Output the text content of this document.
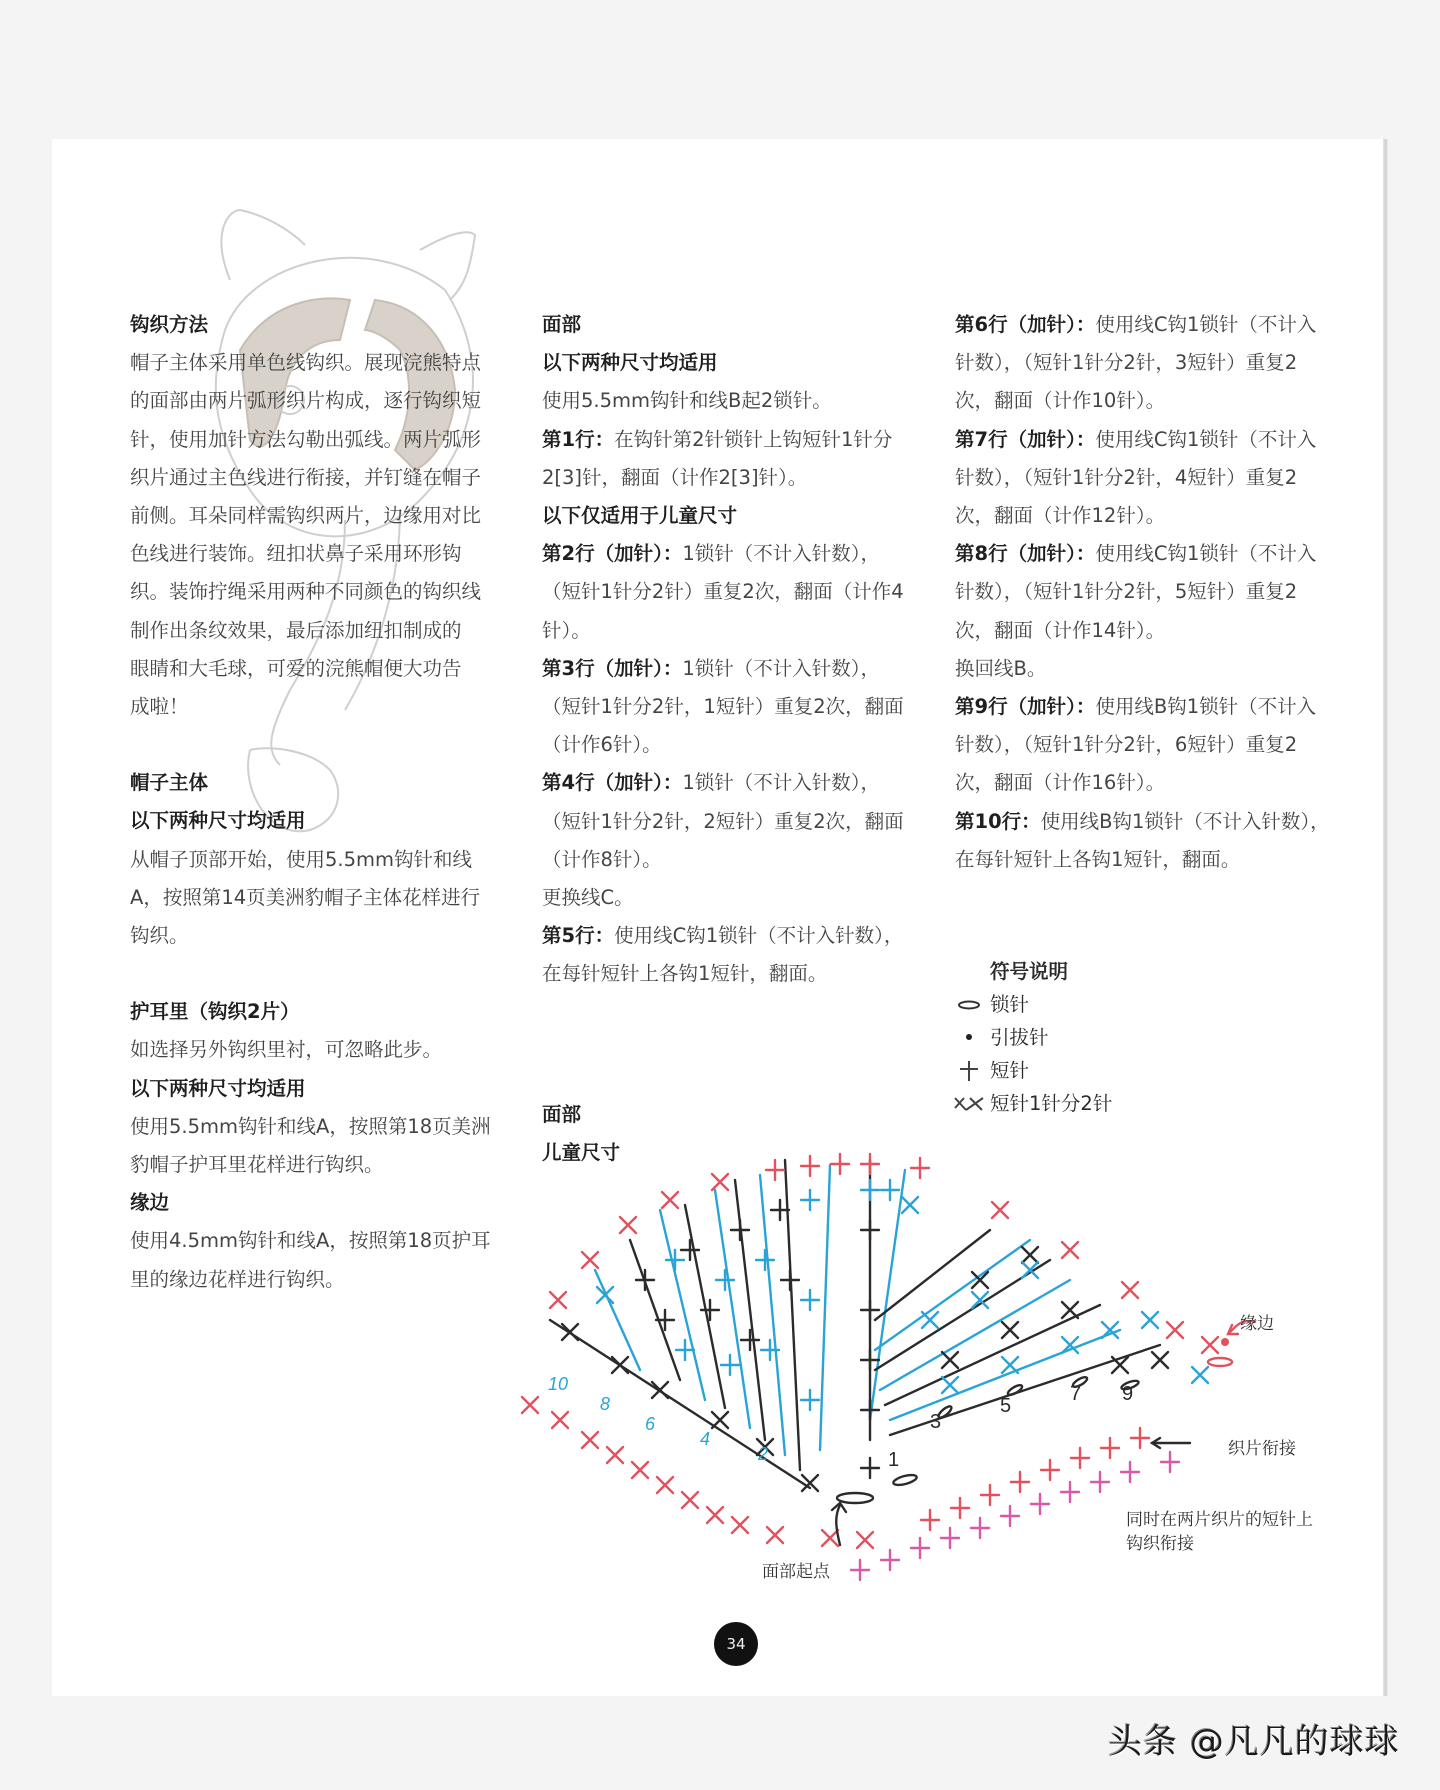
钩织方法
帽子主体采用单色线钩织。展现浣熊特点
的面部由两片弧形织片构成，逐行钩织短
针，使用加针方法勾勒出弧线。两片弧形
织片通过主色线进行衔接，并钉缝在帽子
前侧。耳朵同样需钩织两片，边缘用对比
色线进行装饰。纽扣状鼻子采用环形钩
织。装饰拧绳采用两种不同颜色的钩织线
制作出条纹效果，最后添加纽扣制成的
眼睛和大毛球，可爱的浣熊帽便大功告
成啦！
帽子主体
以下两种尺寸均适用
从帽子顶部开始，使用5.5mm钩针和线
A，按照第14页美洲豹帽子主体花样进行
钩织。
护耳里（钩织2片）
如选择另外钩织里衬，可忽略此步。
以下两种尺寸均适用
使用5.5mm钩针和线A，按照第18页美洲
豹帽子护耳里花样进行钩织。
缘边
使用4.5mm钩针和线A，按照第18页护耳
里的缘边花样进行钩织。
面部
以下两种尺寸均适用
使用5.5mm钩针和线B起2锁针。
第1行：在钩针第2针锁针上钩短针1针分
2[3]针，翻面（计作2[3]针）。
以下仅适用于儿童尺寸
第2行（加针）：1锁针（不计入针数），
（短针1针分2针）重复2次，翻面（计作4
针）。
第3行（加针）：1锁针（不计入针数），
（短针1针分2针，1短针）重复2次，翻面
（计作6针）。
第4行（加针）：1锁针（不计入针数），
（短针1针分2针，2短针）重复2次，翻面
（计作8针）。
更换线C。
第5行：使用线C钩1锁针（不计入针数），
在每针短针上各钩1短针，翻面。
第6行（加针）：使用线C钩1锁针（不计入
针数），（短针1针分2针，3短针）重复2
次，翻面（计作10针）。
第7行（加针）：使用线C钩1锁针（不计入
针数），（短针1针分2针，4短针）重复2
次，翻面（计作12针）。
第8行（加针）：使用线C钩1锁针（不计入
针数），（短针1针分2针，5短针）重复2
次，翻面（计作14针）。
换回线B。
第9行（加针）：使用线B钩1锁针（不计入
针数），（短针1针分2针，6短针）重复2
次，翻面（计作16针）。
第10行：使用线B钩1锁针（不计入针数），
在每针短针上各钩1短针，翻面。
符号说明
锁针
引拔针
短针
短针1针分2针
面部
儿童尺寸
10
8
6
4
2	1
3
5
7 9
缘边
织片衔接
面部起点
同时在两片织片的短针上
钩织衔接
34
头条 @凡凡的球球
